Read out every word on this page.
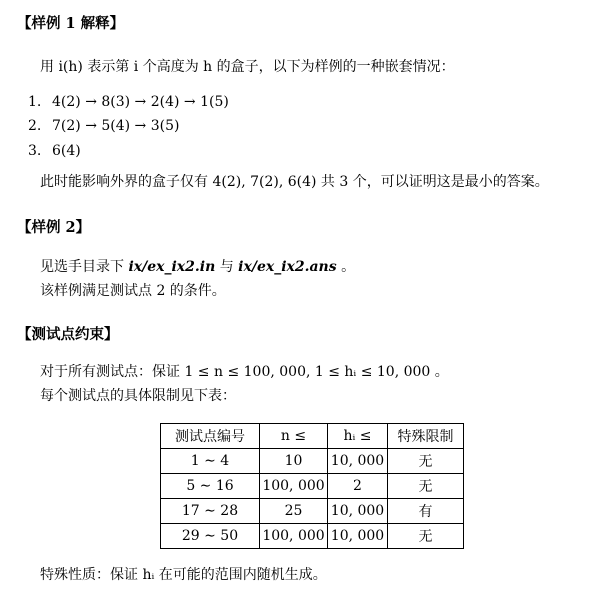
【样例 1 解释】
用 i(h) 表示第 i 个高度为 h 的盒子，以下为样例的一种嵌套情况：
1. 4(2) → 8(3) → 2(4) → 1(5)
2. 7(2) → 5(4) → 3(5)
3. 6(4)
此时能影响外界的盒子仅有 4(2), 7(2), 6(4) 共 3 个，可以证明这是最小的答案。
【样例 2】
见选手目录下 ix/ex_ix2.in 与 ix/ex_ix2.ans 。
该样例满足测试点 2 的条件。
【测试点约束】
对于所有测试点：保证 1 ≤ n ≤ 100, 000, 1 ≤ hᵢ ≤ 10, 000 。
每个测试点的具体限制见下表：
测试点编号	n ≤	hᵢ ≤	特殊限制
1 ∼ 4	10	10, 000	无
5 ∼ 16	100, 000	2	无
17 ∼ 28	25	10, 000	有
29 ∼ 50	100, 000	10, 000	无
特殊性质：保证 hᵢ 在可能的范围内随机生成。
